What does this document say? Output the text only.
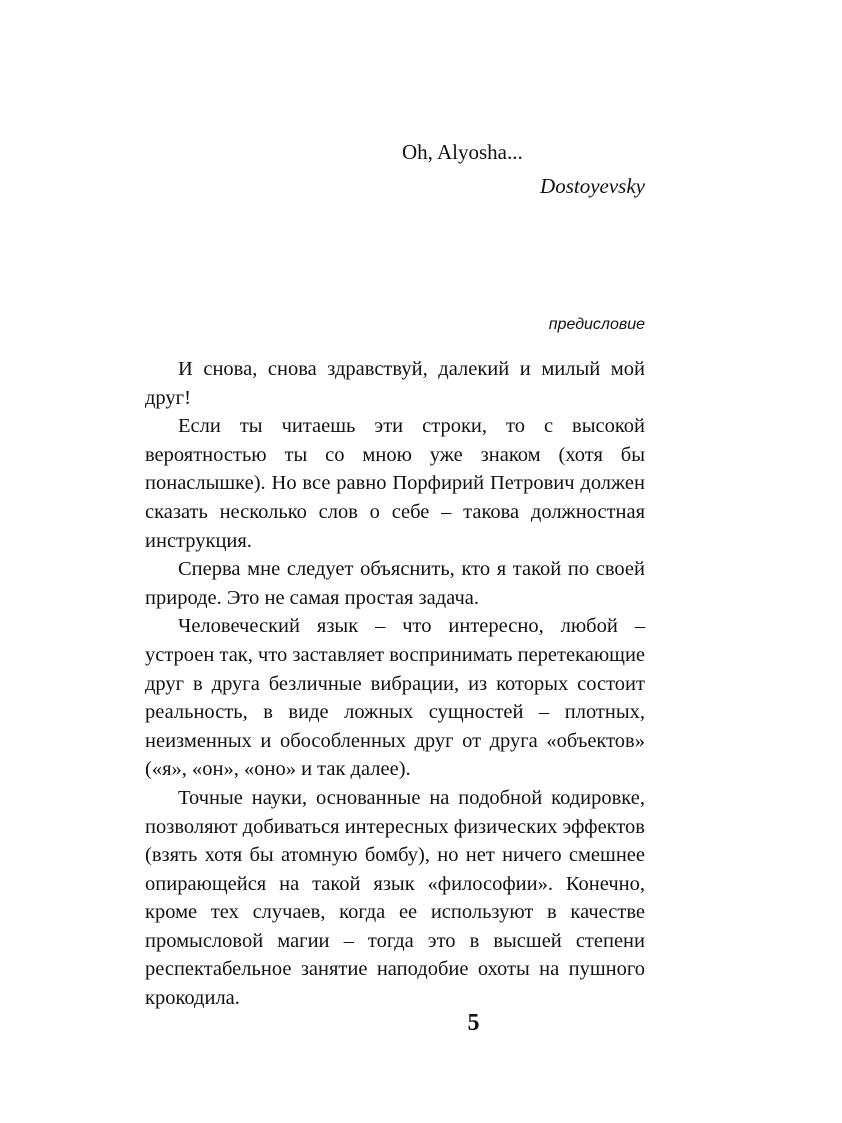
Oh, Alyosha...
Dostoyevsky
предисловие

И снова, снова здравствуй, далекий и милый мой друг!

Если ты читаешь эти строки, то с высокой вероятностью ты со мною уже знаком (хотя бы понаслышке). Но все равно Порфирий Петрович должен сказать несколько слов о себе – такова должностная инструкция.

Сперва мне следует объяснить, кто я такой по своей природе. Это не самая простая задача.

Человеческий язык – что интересно, любой – устроен так, что заставляет воспринимать перетекающие друг в друга безличные вибрации, из которых состоит реальность, в виде ложных сущностей – плотных, неизменных и обособленных друг от друга «объектов» («я», «он», «оно» и так далее).

Точные науки, основанные на подобной кодировке, позволяют добиваться интересных физических эффектов (взять хотя бы атомную бомбу), но нет ничего смешнее опирающейся на такой язык «философии». Конечно, кроме тех случаев, когда ее используют в качестве промысловой магии – тогда это в высшей степени респектабельное занятие наподобие охоты на пушного крокодила.

5
